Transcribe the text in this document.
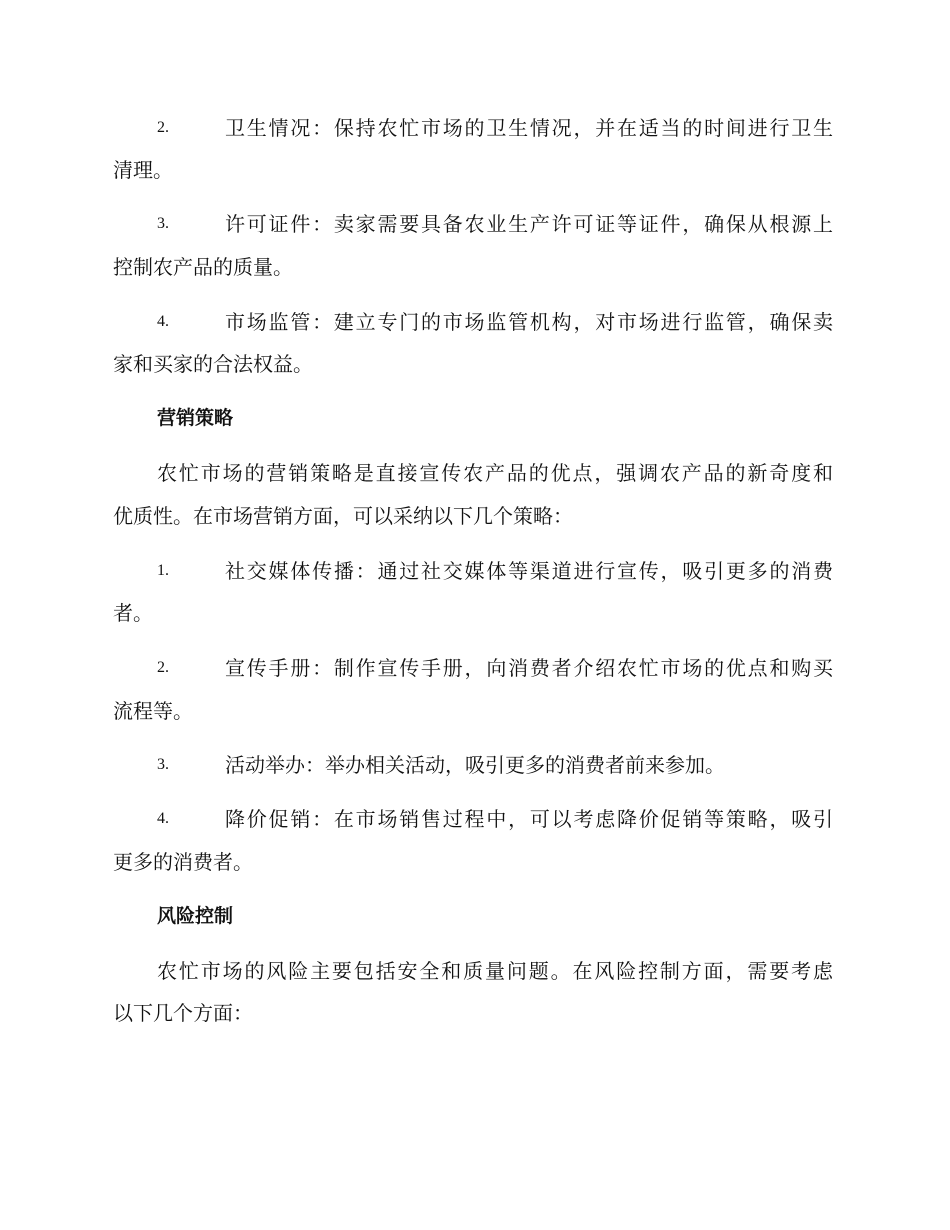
2.	卫生情况：保持农忙市场的卫生情况，并在适当的时间进行卫生
清理。
3.	许可证件：卖家需要具备农业生产许可证等证件，确保从根源上
控制农产品的质量。
4.	市场监管：建立专门的市场监管机构，对市场进行监管，确保卖
家和买家的合法权益。
营销策略
农忙市场的营销策略是直接宣传农产品的优点，强调农产品的新奇度和
优质性。在市场营销方面，可以采纳以下几个策略：
1.	社交媒体传播：通过社交媒体等渠道进行宣传，吸引更多的消费
者。
2.	宣传手册：制作宣传手册，向消费者介绍农忙市场的优点和购买
流程等。
3.	活动举办：举办相关活动，吸引更多的消费者前来参加。
4.	降价促销：在市场销售过程中，可以考虑降价促销等策略，吸引
更多的消费者。
风险控制
农忙市场的风险主要包括安全和质量问题。在风险控制方面，需要考虑
以下几个方面：
